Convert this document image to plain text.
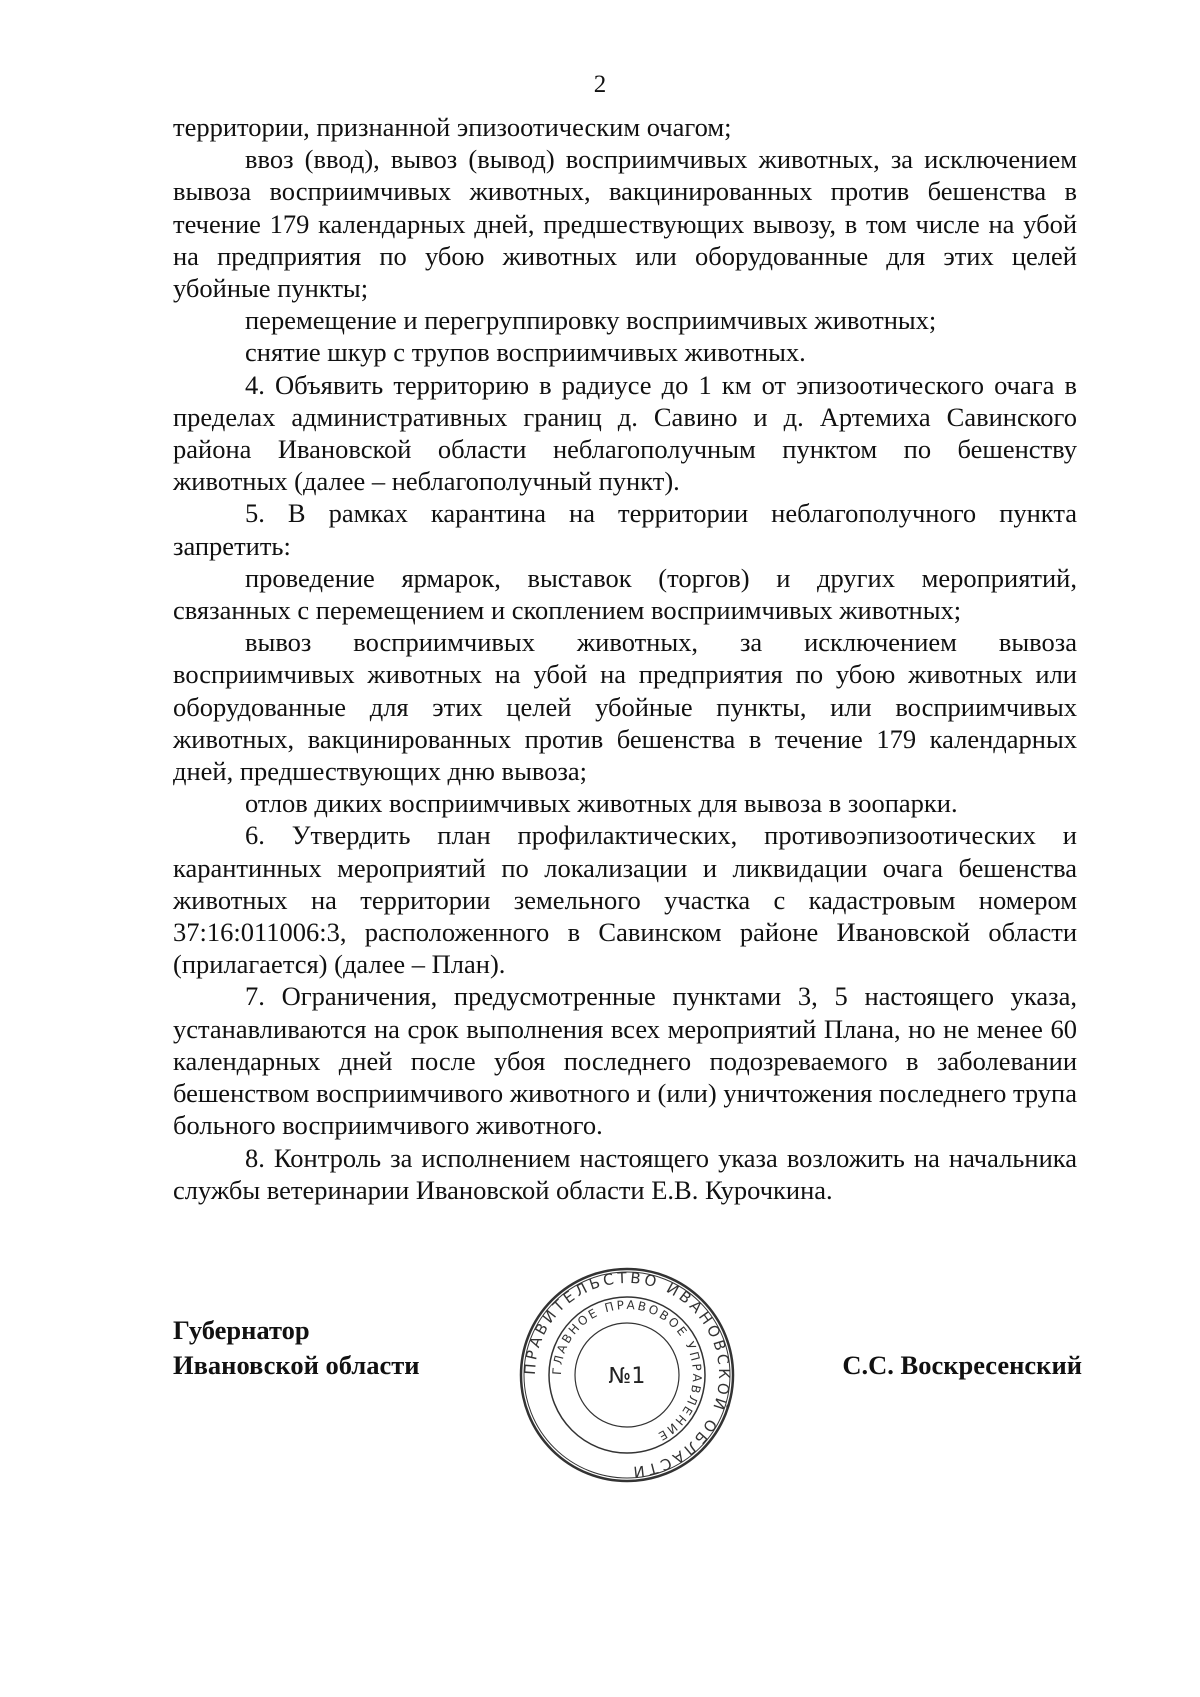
2

территории, признанной эпизоотическим очагом;

ввоз (ввод), вывоз (вывод) восприимчивых животных, за исключением вывоза восприимчивых животных, вакцинированных против бешенства в течение 179 календарных дней, предшествующих вывозу, в том числе на убой на предприятия по убою животных или оборудованные для этих целей убойные пункты;

перемещение и перегруппировку восприимчивых животных;

снятие шкур с трупов восприимчивых животных.

4. Объявить территорию в радиусе до 1 км от эпизоотического очага в пределах административных границ д. Савино и д. Артемиха Савинского района Ивановской области неблагополучным пунктом по бешенству животных (далее – неблагополучный пункт).

5. В рамках карантина на территории неблагополучного пункта запретить:

проведение ярмарок, выставок (торгов) и других мероприятий, связанных с перемещением и скоплением восприимчивых животных;

вывоз восприимчивых животных, за исключением вывоза восприимчивых животных на убой на предприятия по убою животных или оборудованные для этих целей убойные пункты, или восприимчивых животных, вакцинированных против бешенства в течение 179 календарных дней, предшествующих дню вывоза;

отлов диких восприимчивых животных для вывоза в зоопарки.

6. Утвердить план профилактических, противоэпизоотических и карантинных мероприятий по локализации и ликвидации очага бешенства животных на территории земельного участка с кадастровым номером 37:16:011006:3, расположенного в Савинском районе Ивановской области (прилагается) (далее – План).

7. Ограничения, предусмотренные пунктами 3, 5 настоящего указа, устанавливаются на срок выполнения всех мероприятий Плана, но не менее 60 календарных дней после убоя последнего подозреваемого в заболевании бешенством восприимчивого животного и (или) уничтожения последнего трупа больного восприимчивого животного.

8. Контроль за исполнением настоящего указа возложить на начальника службы ветеринарии Ивановской области Е.В. Курочкина.

Губернатор
Ивановской области	ПРАВИТЕЛЬСТВО ИВАНОВСКОЙ ОБЛАСТИ
ГЛАВНОЕ ПРАВОВОЕ УПРАВЛЕНИЕ
№1	С.С. Воскресенский
